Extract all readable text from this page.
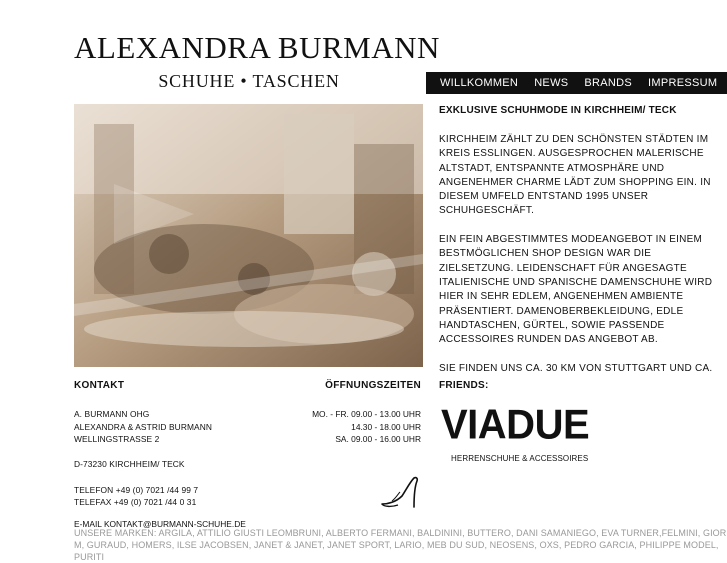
ALEXANDRA BURMANN
SCHUHE • TASCHEN	WILLKOMMEN NEWS BRANDS IMPRESSUM
KONTAKT	ÖFFNUNGSZEITEN
A. BURMANN OHG
ALEXANDRA & ASTRID BURMANN
WELLINGSTRASSE 2

D-73230 KIRCHHEIM/ TECK

TELEFON +49 (0) 7021 /44 99 7
TELEFAX +49 (0) 7021 /44 0 31
MO. - FR. 09.00 - 13.00 UHR
14.30 - 18.00 UHR
SA. 09.00 - 16.00 UHR
E-MAIL KONTAKT@BURMANN-SCHUHE.DE
EXKLUSIVE SCHUHMODE IN KIRCHHEIM/ TECK

KIRCHHEIM ZÄHLT ZU DEN SCHÖNSTEN STÄDTEN IM KREIS ESSLINGEN. AUSGESPROCHEN MALERISCHE ALTSTADT, ENTSPANNTE ATMOSPHÄRE UND ANGENEHMER CHARME LÄDT ZUM SHOPPING EIN. IN DIESEM UMFELD ENTSTAND 1995 UNSER SCHUHGESCHÄFT.

EIN FEIN ABGESTIMMTES MODEANGEBOT IN EINEM BESTMÖGLICHEN SHOP DESIGN WAR DIE ZIELSETZUNG. LEIDENSCHAFT FÜR ANGESAGTE ITALIENISCHE UND SPANISCHE DAMENSCHUHE WIRD HIER IN SEHR EDLEM, ANGENEHMEN AMBIENTE PRÄSENTIERT. DAMENOBERBEKLEIDUNG, EDLE HANDTASCHEN, GÜRTEL, SOWIE PASSENDE ACCESSOIRES RUNDEN DAS ANGEBOT AB.

SIE FINDEN UNS CA. 30 KM VON STUTTGART UND CA.

FRIENDS:
VIADUE
HERRENSCHUHE & ACCESSOIRES
UNSERE MARKEN: ARGILA, ATTILIO GIUSTI LEOMBRUNI, ALBERTO FERMANI, BALDININI, BUTTERO, DANI SAMANIEGO, EVA TURNER,FELMINI, GIOR M, GURAUD, HOMERS, ILSE JACOBSEN, JANET & JANET, JANET SPORT, LARIO, MEB DU SUD, NEOSENS, OXS, PEDRO GARCIA, PHILIPPE MODEL, PURITI
